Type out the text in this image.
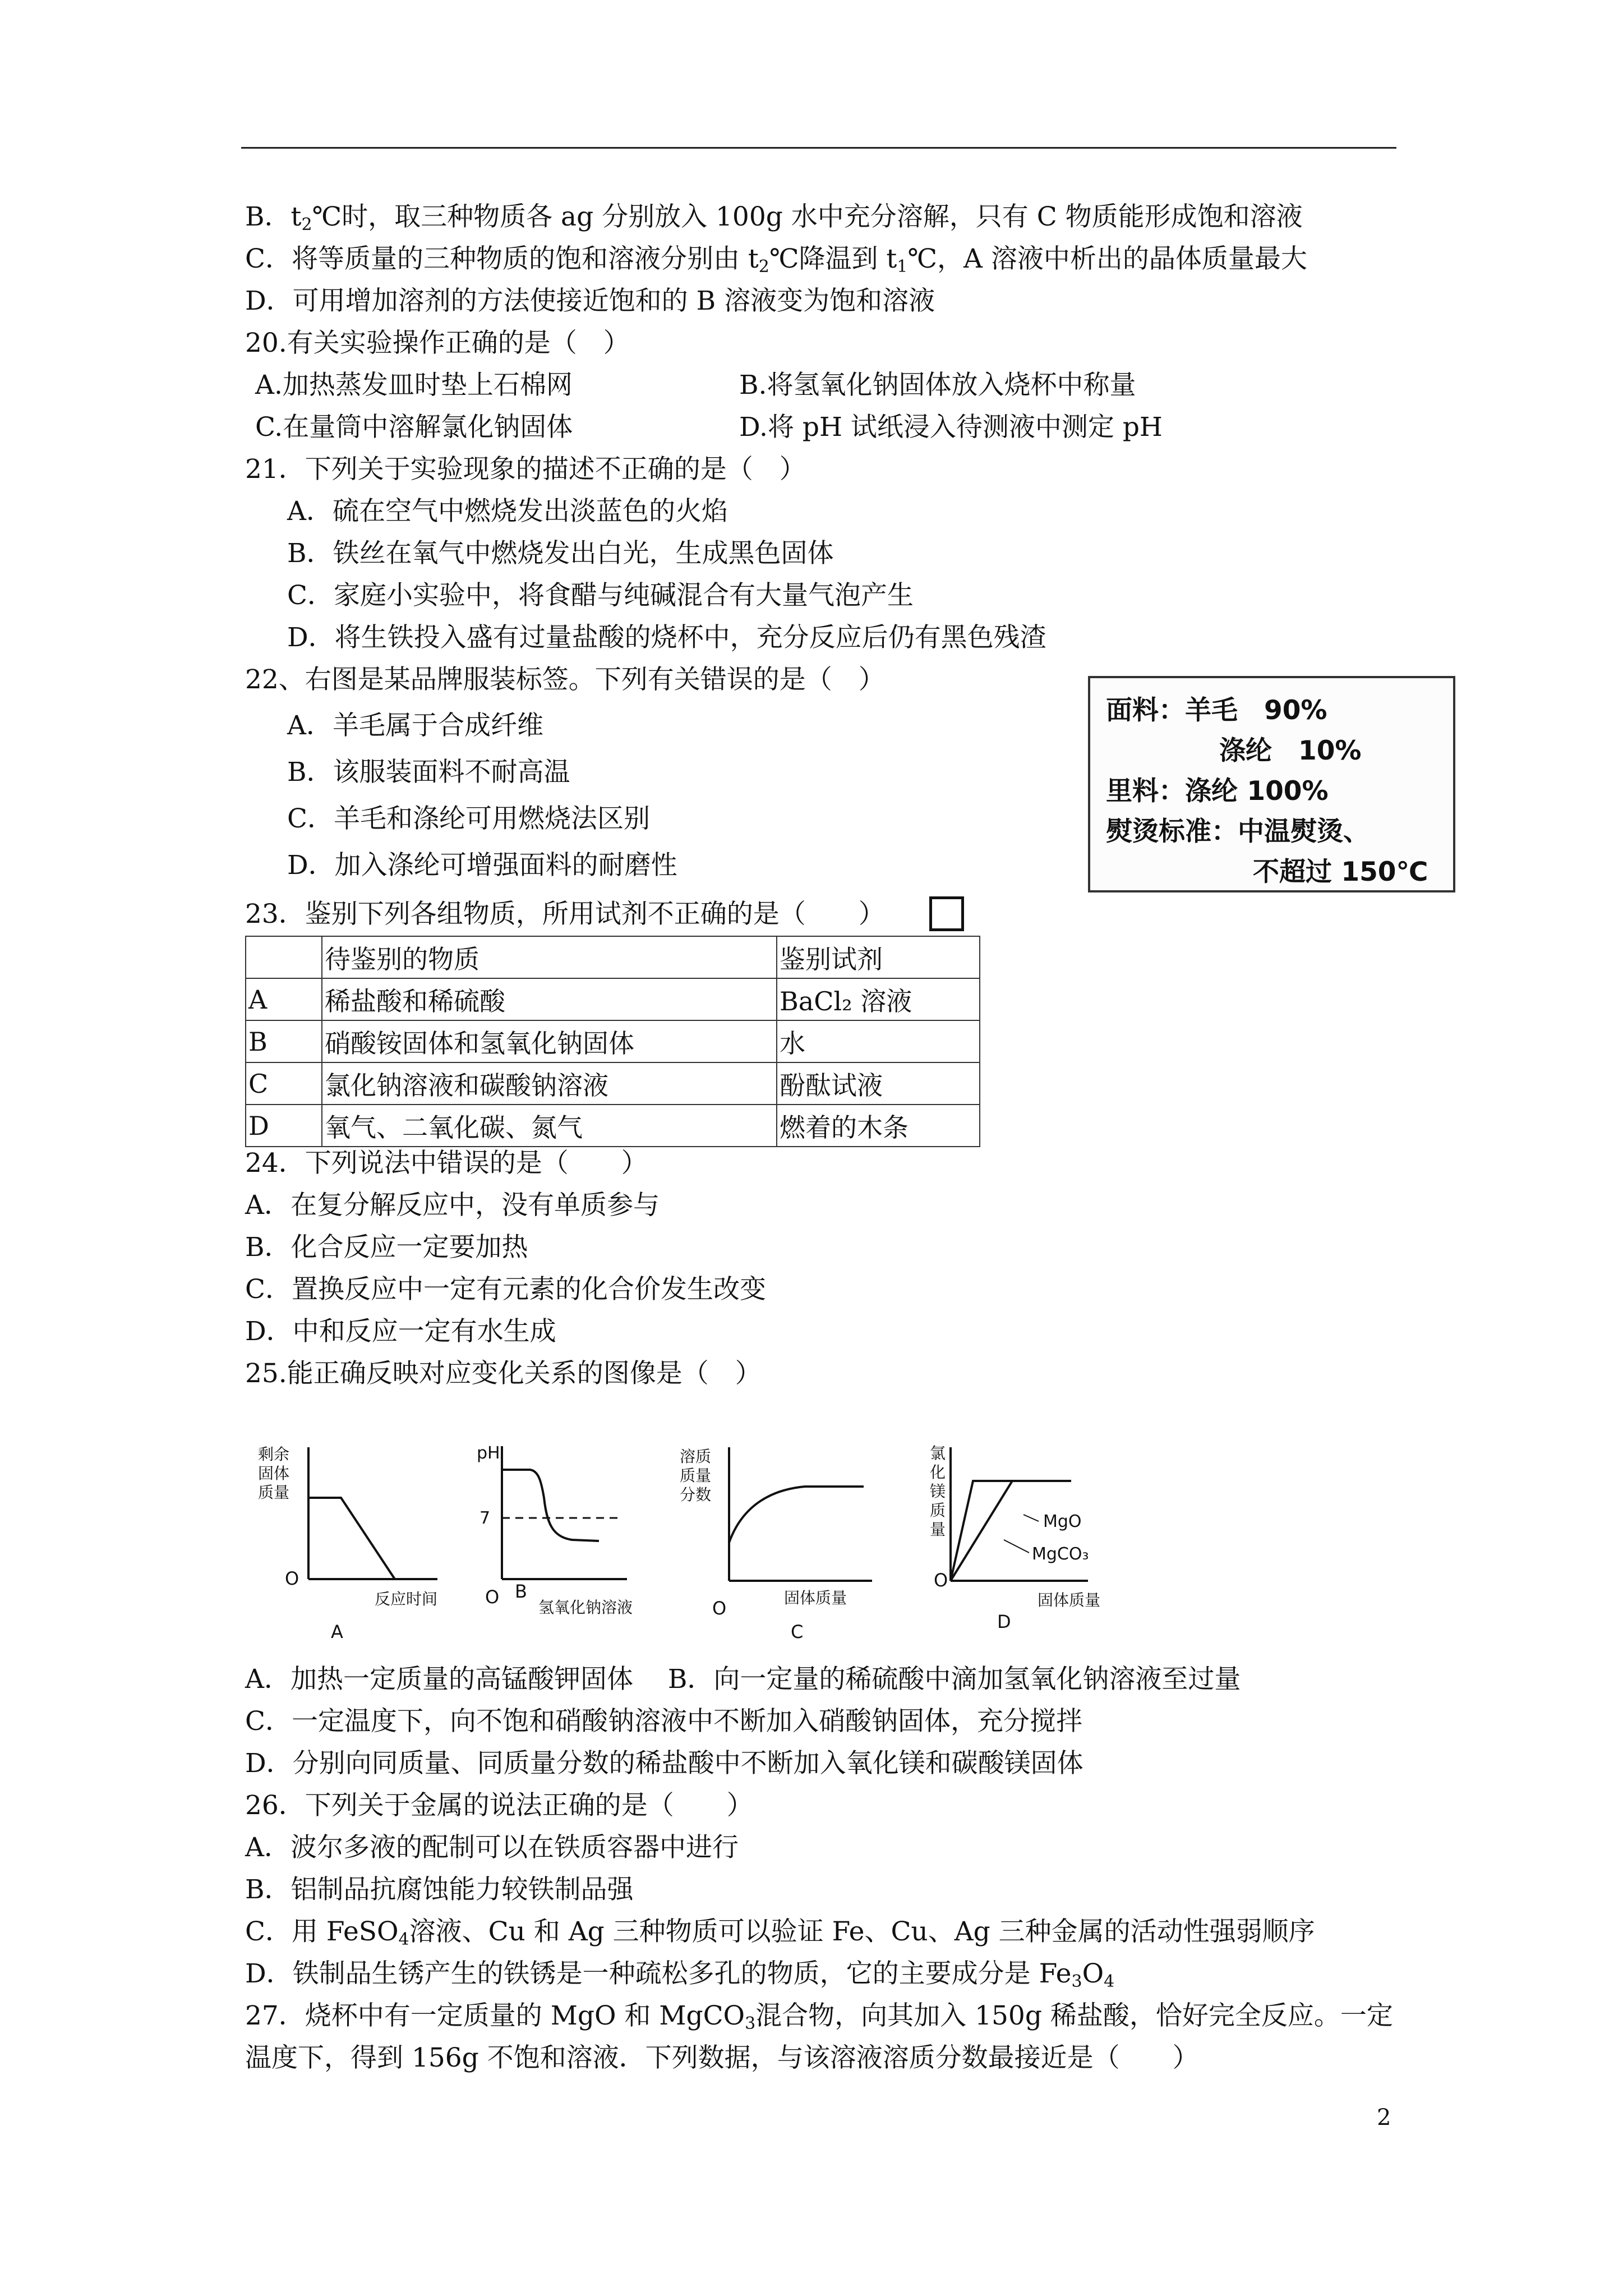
B．$t_2℃$时，取三种物质各 ag 分别放入 100g 水中充分溶解，只有 C 物质能形成饱和溶液
C．将等质量的三种物质的饱和溶液分别由 $t_2℃$降温到 $t_1℃$，A 溶液中析出的晶体质量最大
D．可用增加溶剂的方法使接近饱和的 B 溶液变为饱和溶液
20.有关实验操作正确的是（　）
A.加热蒸发皿时垫上石棉网	B.将氢氧化钠固体放入烧杯中称量
C.在量筒中溶解氯化钠固体	D.将 pH 试纸浸入待测液中测定 pH
21．下列关于实验现象的描述不正确的是（　）
A．硫在空气中燃烧发出淡蓝色的火焰
B．铁丝在氧气中燃烧发出白光，生成黑色固体
C．家庭小实验中，将食醋与纯碱混合有大量气泡产生
D．将生铁投入盛有过量盐酸的烧杯中，充分反应后仍有黑色残渣
22、右图是某品牌服装标签。下列有关错误的是（　）
A．羊毛属于合成纤维
B．该服装面料不耐高温
C．羊毛和涤纶可用燃烧法区别
D．加入涤纶可增强面料的耐磨性
面料：羊毛　90%
涤纶　10%
里料：涤纶 100%
熨烫标准：中温熨烫、
不超过 150℃
23．鉴别下列各组物质，所用试剂不正确的是（　　）
	待鉴别的物质	鉴别试剂
A	稀盐酸和稀硫酸	BaCl₂ 溶液
B	硝酸铵固体和氢氧化钠固体	水
C	氯化钠溶液和碳酸钠溶液	酚酞试液
D	氧气、二氧化碳、氮气	燃着的木条
24．下列说法中错误的是（　　）
A．在复分解反应中，没有单质参与
B．化合反应一定要加热
C．置换反应中一定有元素的化合价发生改变
D．中和反应一定有水生成
25.能正确反映对应变化关系的图像是（　）
剩余
固体
质量
O
反应时间
A
pH
7
O 氢氧化钠溶液
B
溶质
质量
分数
O	固体质量
C
氯
化
镁
质
量
O
固体质量
D
MgO
MgCO₃
A．加热一定质量的高锰酸钾固体　 B．向一定量的稀硫酸中滴加氢氧化钠溶液至过量
C．一定温度下，向不饱和硝酸钠溶液中不断加入硝酸钠固体，充分搅拌
D．分别向同质量、同质量分数的稀盐酸中不断加入氧化镁和碳酸镁固体
26．下列关于金属的说法正确的是（　　）
A．波尔多液的配制可以在铁质容器中进行
B．铝制品抗腐蚀能力较铁制品强
C．用 FeSO$_4$溶液、Cu 和 Ag 三种物质可以验证 Fe、Cu、Ag 三种金属的活动性强弱顺序
D．铁制品生锈产生的铁锈是一种疏松多孔的物质，它的主要成分是 $Fe_3O_4$
27．烧杯中有一定质量的 MgO 和 MgCO$_3$混合物，向其加入 150g 稀盐酸，恰好完全反应。一定
温度下，得到 156g 不饱和溶液．下列数据，与该溶液溶质分数最接近是（　　）
2
